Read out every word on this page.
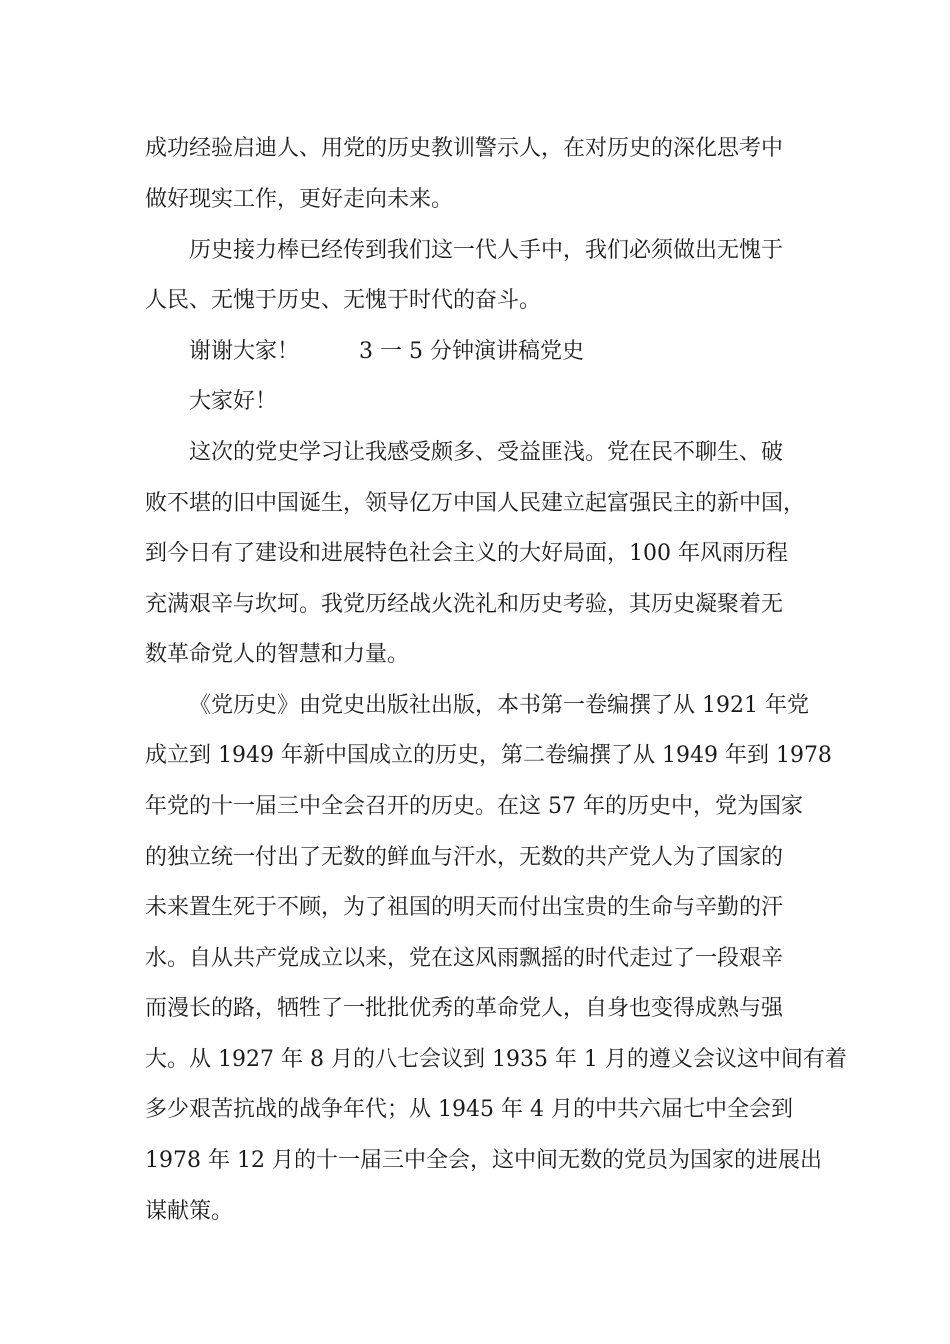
成功经验启迪人、用党的历史教训警示人，在对历史的深化思考中

做好现实工作，更好走向未来。

历史接力棒已经传到我们这一代人手中，我们必须做出无愧于

人民、无愧于历史、无愧于时代的奋斗。

谢谢大家！	3 一 5 分钟演讲稿党史

大家好！

这次的党史学习让我感受颇多、受益匪浅。党在民不聊生、破

败不堪的旧中国诞生，领导亿万中国人民建立起富强民主的新中国，

到今日有了建设和进展特色社会主义的大好局面，100 年风雨历程

充满艰辛与坎坷。我党历经战火洗礼和历史考验，其历史凝聚着无

数革命党人的智慧和力量。

《党历史》由党史出版社出版，本书第一卷编撰了从 1921 年党

成立到 1949 年新中国成立的历史，第二卷编撰了从 1949 年到 1978

年党的十一届三中全会召开的历史。在这 57 年的历史中，党为国家

的独立统一付出了无数的鲜血与汗水，无数的共产党人为了国家的

未来置生死于不顾，为了祖国的明天而付出宝贵的生命与辛勤的汗

水。自从共产党成立以来，党在这风雨飘摇的时代走过了一段艰辛

而漫长的路，牺牲了一批批优秀的革命党人，自身也变得成熟与强

大。从 1927 年 8 月的八七会议到 1935 年 1 月的遵义会议这中间有着

多少艰苦抗战的战争年代；从 1945 年 4 月的中共六届七中全会到

1978 年 12 月的十一届三中全会，这中间无数的党员为国家的进展出

谋献策。
